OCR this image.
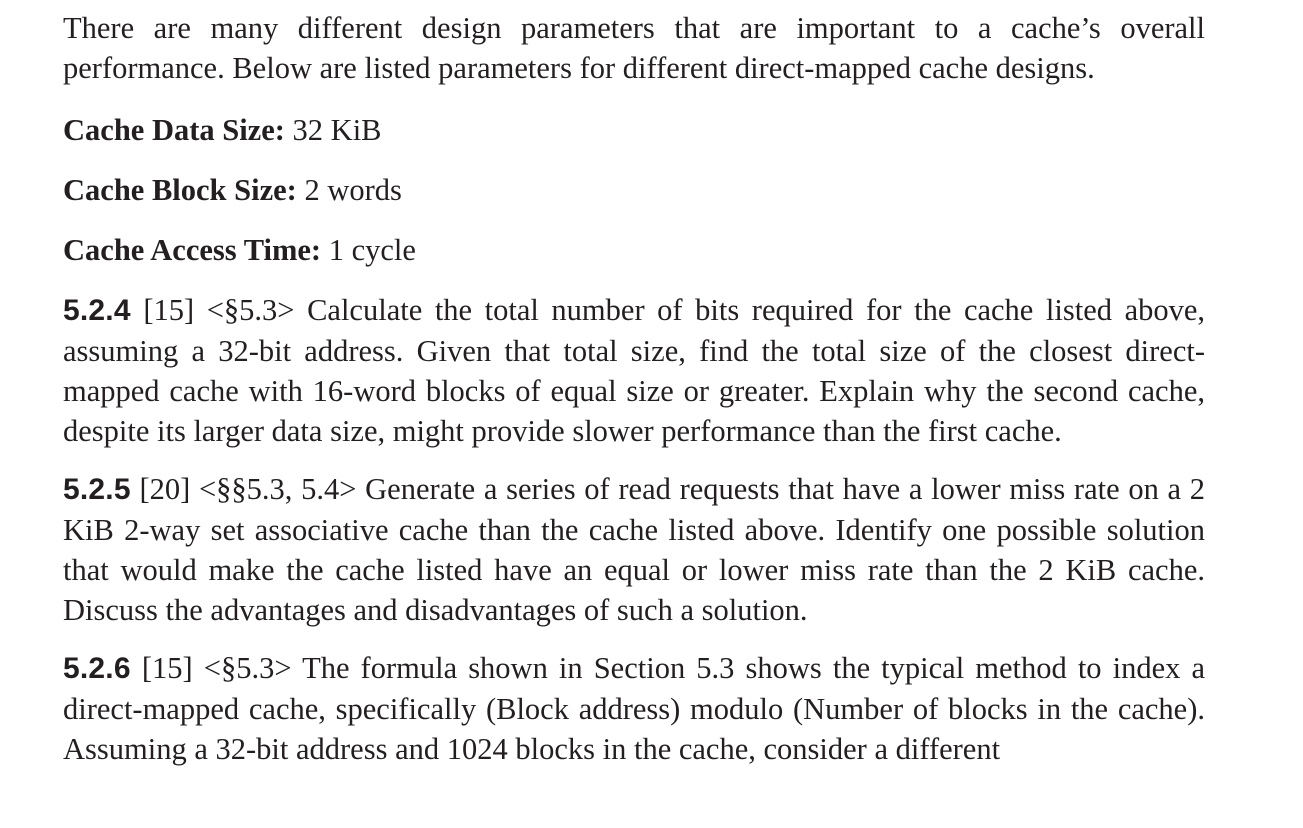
There are many different design parameters that are important to a cache’s overall performance. Below are listed parameters for different direct-mapped cache designs.

Cache Data Size: 32 KiB

Cache Block Size: 2 words

Cache Access Time: 1 cycle

5.2.4 [15] <§5.3> Calculate the total number of bits required for the cache listed above, assuming a 32-bit address. Given that total size, find the total size of the closest direct-mapped cache with 16-word blocks of equal size or greater. Explain why the second cache, despite its larger data size, might provide slower performance than the first cache.

5.2.5 [20] <§§5.3, 5.4> Generate a series of read requests that have a lower miss rate on a 2 KiB 2-way set associative cache than the cache listed above. Identify one possible solution that would make the cache listed have an equal or lower miss rate than the 2 KiB cache. Discuss the advantages and disadvantages of such a solution.

5.2.6 [15] <§5.3> The formula shown in Section 5.3 shows the typical method to index a direct-mapped cache, specifically (Block address) modulo (Number of blocks in the cache). Assuming a 32-bit address and 1024 blocks in the cache, consider a different
